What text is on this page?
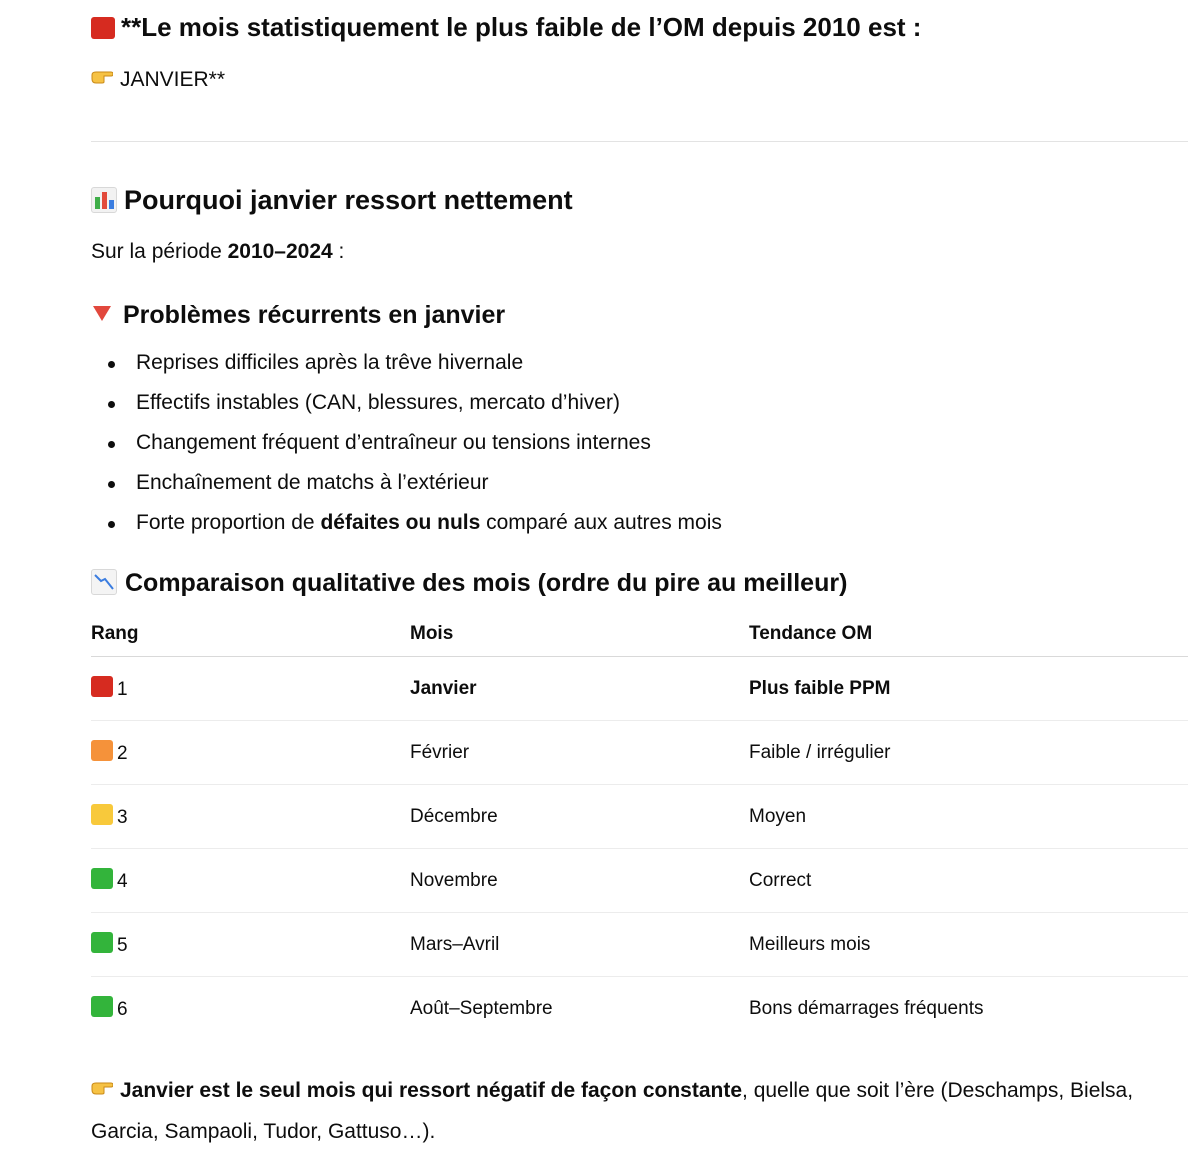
**Le mois statistiquement le plus faible de l’OM depuis 2010 est :
JANVIER**
Pourquoi janvier ressort nettement
Sur la période 2010–2024 :
Problèmes récurrents en janvier
Reprises difficiles après la trêve hivernale
Effectifs instables (CAN, blessures, mercato d’hiver)
Changement fréquent d’entraîneur ou tensions internes
Enchaînement de matchs à l’extérieur
Forte proportion de défaites ou nuls comparé aux autres mois
Comparaison qualitative des mois (ordre du pire au meilleur)
Rang	Mois	Tendance OM
1	Janvier	Plus faible PPM
2	Février	Faible / irrégulier
3	Décembre	Moyen
4	Novembre	Correct
5	Mars–Avril	Meilleurs mois
6	Août–Septembre	Bons démarrages fréquents
Janvier est le seul mois qui ressort négatif de façon constante, quelle que soit l’ère (Deschamps, Bielsa, Garcia, Sampaoli, Tudor, Gattuso…).
